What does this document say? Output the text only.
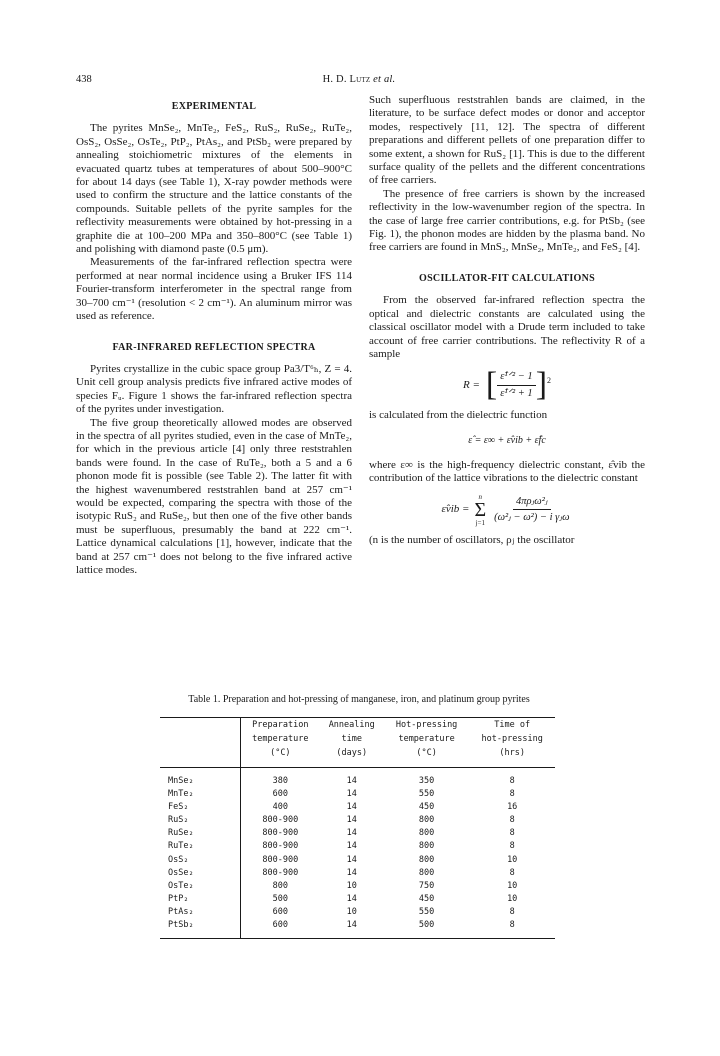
438	H. D. Lutz et al.
EXPERIMENTAL

The pyrites MnSe₂, MnTe₂, FeS₂, RuS₂, RuSe₂, RuTe₂, OsS₂, OsSe₂, OsTe₂, PtP₂, PtAs₂, and PtSb₂ were prepared by annealing stoichiometric mixtures of the elements in evacuated quartz tubes at temperatures of about 500–900°C for about 14 days (see Table 1), X-ray powder methods were used to confirm the structure and the lattice constants of the compounds. Suitable pellets of the pyrite samples for the reflectivity measurements were obtained by hot-pressing in a graphite die at 100–200 MPa and 350–800°C (see Table 1) and polishing with diamond paste (0.5 μm).

Measurements of the far-infrared reflection spectra were performed at near normal incidence using a Bruker IFS 114 Fourier-transform interferometer in the spectral range from 30–700 cm⁻¹ (resolution < 2 cm⁻¹). An aluminum mirror was used as reference.

FAR-INFRARED REFLECTION SPECTRA

Pyrites crystallize in the cubic space group Pa3/T⁶ₕ, Z = 4. Unit cell group analysis predicts five infrared active modes of species Fᵤ. Figure 1 shows the far-infrared reflection spectra of the pyrites under investigation.

The five group theoretically allowed modes are observed in the spectra of all pyrites studied, even in the case of MnTe₂, for which in the previous article [4] only three reststrahlen bands were found. In the case of RuTe₂, both a 5 and a 6 phonon mode fit is possible (see Table 2). The latter fit with the highest wavenumbered reststrahlen band at 257 cm⁻¹ would be expected, comparing the spectra with those of the isotypic RuS₂ and RuSe₂, but then one of the five other bands must be superfluous, presumably the band at 222 cm⁻¹. Lattice dynamical calculations [1], however, indicate that the band at 257 cm⁻¹ does not belong to the five infrared active lattice modes.

Such superfluous reststrahlen bands are claimed, in the literature, to be surface defect modes or donor and acceptor modes, respectively [11, 12]. The spectra of different preparations and different pellets of one preparation differ to some extent, a shown for RuS₂ [1]. This is due to the different surface quality of the pellets and the different concentrations of free carriers.

The presence of free carriers is shown by the increased reflectivity in the low-wavenumber region of the spectra. In the case of large free carrier contributions, e.g. for PtSb₂ (see Fig. 1), the phonon modes are hidden by the plasma band. No free carriers are found in MnS₂, MnSe₂, MnTe₂, and FeS₂ [4].

OSCILLATOR-FIT CALCULATIONS

From the observed far-infrared reflection spectra the optical and dielectric constants are calculated using the classical oscillator model with a Drude term included to take account of free carrier contributions. The reflectivity R of a sample

R = [ $\frac{\text{ε̂¹ᐟ² − 1}}{\text{ε̂¹ᐟ² + 1}} ]^2$

is calculated from the dielectric function

ε̂ = ε∞ + ε̂vib + ε̂fc

where ε∞ is the high-frequency dielectric constant, ε̂vib the contribution of the lattice vibrations to the dielectric constant

ε̂vib =
n
Σ
$j=1 \frac{\text{4πρⱼω²ⱼ}}{\text{(ω²ⱼ − ω²) − i γⱼω}}$

(n is the number of oscillators, ρⱼ the oscillator

Table 1. Preparation and hot-pressing of manganese, iron, and platinum group pyrites
	Preparation	Annealing	Hot-pressing	Time of
	temperature	time	temperature	hot-pressing
	(°C)	(days)	(°C)	(hrs)
MnSe₂	380	14	350	8
MnTe₂	600	14	550	8
FeS₂	400	14	450	16
RuS₂	800-900	14	800	8
RuSe₂	800-900	14	800	8
RuTe₂	800-900	14	800	8
OsS₂	800-900	14	800	10
OsSe₂	800-900	14	800	8
OsTe₂	800	10	750	10
PtP₂	500	14	450	10
PtAs₂	600	10	550	8
PtSb₂	600	14	500	8
